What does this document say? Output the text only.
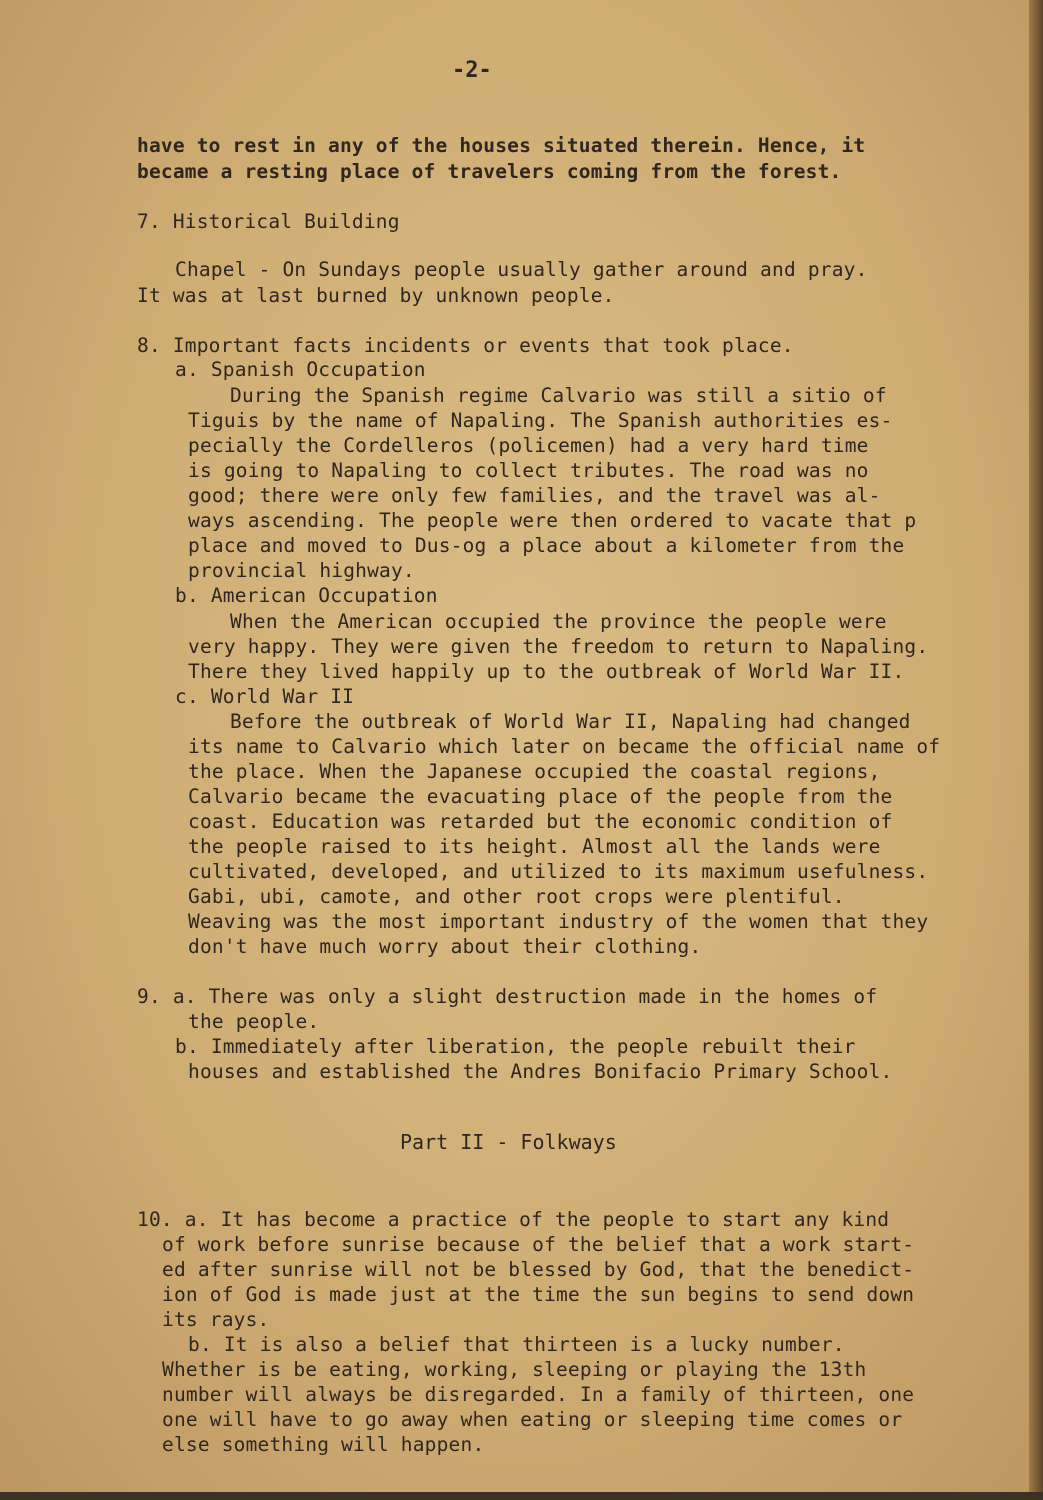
-2-
have to rest in any of the houses situated therein. Hence, it
became a resting place of travelers coming from the forest.
7. Historical Building
Chapel - On Sundays people usually gather around and pray.
It was at last burned by unknown people.
8. Important facts incidents or events that took place.
a. Spanish Occupation
During the Spanish regime Calvario was still a sitio of
Tiguis by the name of Napaling. The Spanish authorities es-
pecially the Cordelleros (policemen) had a very hard time
is going to Napaling to collect tributes. The road was no
good; there were only few families, and the travel was al-
ways ascending. The people were then ordered to vacate that p
place and moved to Dus-og a place about a kilometer from the
provincial highway.
b. American Occupation
When the American occupied the province the people were
very happy. They were given the freedom to return to Napaling.
There they lived happily up to the outbreak of World War II.
c. World War II
Before the outbreak of World War II, Napaling had changed
its name to Calvario which later on became the official name of
the place. When the Japanese occupied the coastal regions,
Calvario became the evacuating place of the people from the
coast. Education was retarded but the economic condition of
the people raised to its height. Almost all the lands were
cultivated, developed, and utilized to its maximum usefulness.
Gabi, ubi, camote, and other root crops were plentiful.
Weaving was the most important industry of the women that they
don't have much worry about their clothing.
9. a. There was only a slight destruction made in the homes of
the people.
b. Immediately after liberation, the people rebuilt their
houses and established the Andres Bonifacio Primary School.
Part II - Folkways
10. a. It has become a practice of the people to start any kind
of work before sunrise because of the belief that a work start-
ed after sunrise will not be blessed by God, that the benedict-
ion of God is made just at the time the sun begins to send down
its rays.
b. It is also a belief that thirteen is a lucky number.
Whether is be eating, working, sleeping or playing the 13th
number will always be disregarded. In a family of thirteen, one
one will have to go away when eating or sleeping time comes or
else something will happen.
